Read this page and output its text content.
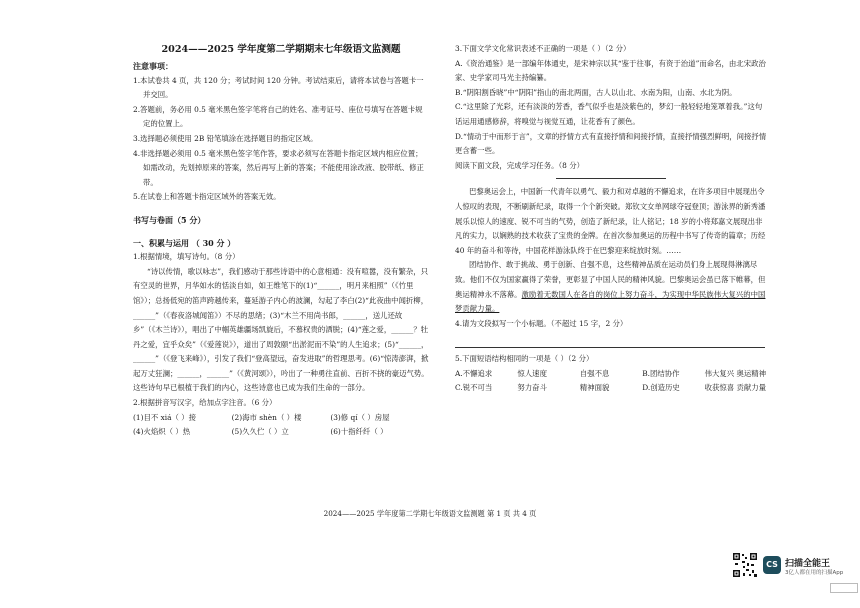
2024——2025 学年度第二学期期末七年级语文监测题
注意事项：

1.本试卷共 4 页，共 120 分；考试时间 120 分钟。考试结束后，请将本试卷与答题卡一并交回。

2.答题前，务必用 0.5 毫米黑色签字笔将自己的姓名、准考证号、座位号填写在答题卡规定的位置上。

3.选择题必须使用 2B 铅笔填涂在选择题目的指定区域。

4.非选择题必须用 0.5 毫米黑色签字笔作答，要求必须写在答题卡指定区域内相应位置；如需改动，先划掉原来的答案，然后再写上新的答案；不能使用涂改液、胶带纸、修正带。

5.在试卷上和答题卡指定区域外的答案无效。

书写与卷面（5 分）
一、积累与运用 （ 30 分 ）

1.根据情境，填写诗句。（8 分）

“诗以传情，歌以咏志”，我们感动于那些诗语中的心意相通：没有喧嚣，没有繁杂，只有空灵的世界，月华如水的恬淡自如，如王维笔下的(1)“______，明月来相照”（《竹里馆》）；总扬低宛的笛声跨越传来，蔓延游子内心的波澜，勾起了李白(2)“此夜曲中闻折柳，______”（《春夜洛城闻笛》）不尽的思绪；(3)“木兰不用尚书郎，______，送儿还故乡”（《木兰诗》），唱出了中帼英雄疆场凯旋后，不慕权贵的洒脱；(4)“莲之爱，______？牡丹之爱，宜乎众矣”（《爱莲说》），道出了周敦颐“出淤泥而不染”的人生追求；(5)“______，______”（《登飞来峰》），引发了我们“登高望远，奋发进取”的哲理思考。(6)“惊涛澎湃，掀起万丈狂澜；______，______”（《黄河颂》），吟出了一种勇往直前、百折不挠的豪迈气势。这些诗句早已根植于我们的内心，这些诗意也已成为我们生命的一部分。

2.根据拼音写汉字，给加点字注音。（6 分）

(1)目不 xiá（ ）接	(2)海市 shèn（ ）楼	(3)修 qí（ ）房屋
(4)火焰炽（ ）热	(5)久久伫（ ）立	(6)十指纤纤（ ）

3.下面文学文化常识表述不正确的一项是（ ）（2 分）

A.《资治通鉴》是一部编年体通史，是宋神宗以其“鉴于往事，有资于治道”而命名，由北宋政治家、史学家司马光主持编纂。

B.“阴阳割昏晓”中“阴阳”指山的南北两面，古人以山北、水南为阳，山南、水北为阴。

C.“这里除了光彩，还有淡淡的芳香，香气似乎也是淡紫色的，梦幻一般轻轻地笼罩着我。”这句话运用通感修辞，将嗅觉与视觉互通，让花香有了颜色。

D.“情动于中而形于言”，文章的抒情方式有直接抒情和间接抒情，直接抒情强烈鲜明，间接抒情更含蓄一些。

阅读下面文段，完成学习任务。（8 分）

巴黎奥运会上，中国新一代青年以勇气、毅力和对卓越的不懈追求，在许多项目中展现出令人惊叹的表现，不断刷新纪录，取得一个个新突破。郑钦文女单网球夺冠登顶；游泳界的新秀潘展乐以惊人的速度、锐不可当的气势，创造了新纪录，让人铭记；18 岁的小将郑嘉文展现出非凡的实力，以娴熟的技术收获了宝贵的金牌。在首次参加奥运的历程中书写了传奇的篇章；历经 40 年的奋斗和等待，中国花样游泳队终于在巴黎迎来绽放时刻。……

团结协作、敢于挑战、勇于创新、自强不息，这些精神品质在运动员们身上展现得淋漓尽致。他们不仅为国家赢得了荣誉，更彰显了中国人民的精神风貌。巴黎奥运会虽已落下帷幕，但奥运精神永不落幕。激励着无数国人在各自的岗位上努力奋斗，为实现中华民族伟大复兴的中国梦贡献力量。

4.请为文段拟写一个小标题。（不超过 15 字，2 分）

5.下面短语结构相同的一项是（ ）（2 分）

A.不懈追求	惊人速度	自强不息	B.团结协作	伟大复兴 奥运精神
C.锐不可当	努力奋斗	精神面貌	D.创造历史	收获惊喜 贡献力量
2024——2025 学年度第二学期七年级语文监测题 第 1 页 共 4 页
CS 扫描全能王
3亿人都在用的扫描App
